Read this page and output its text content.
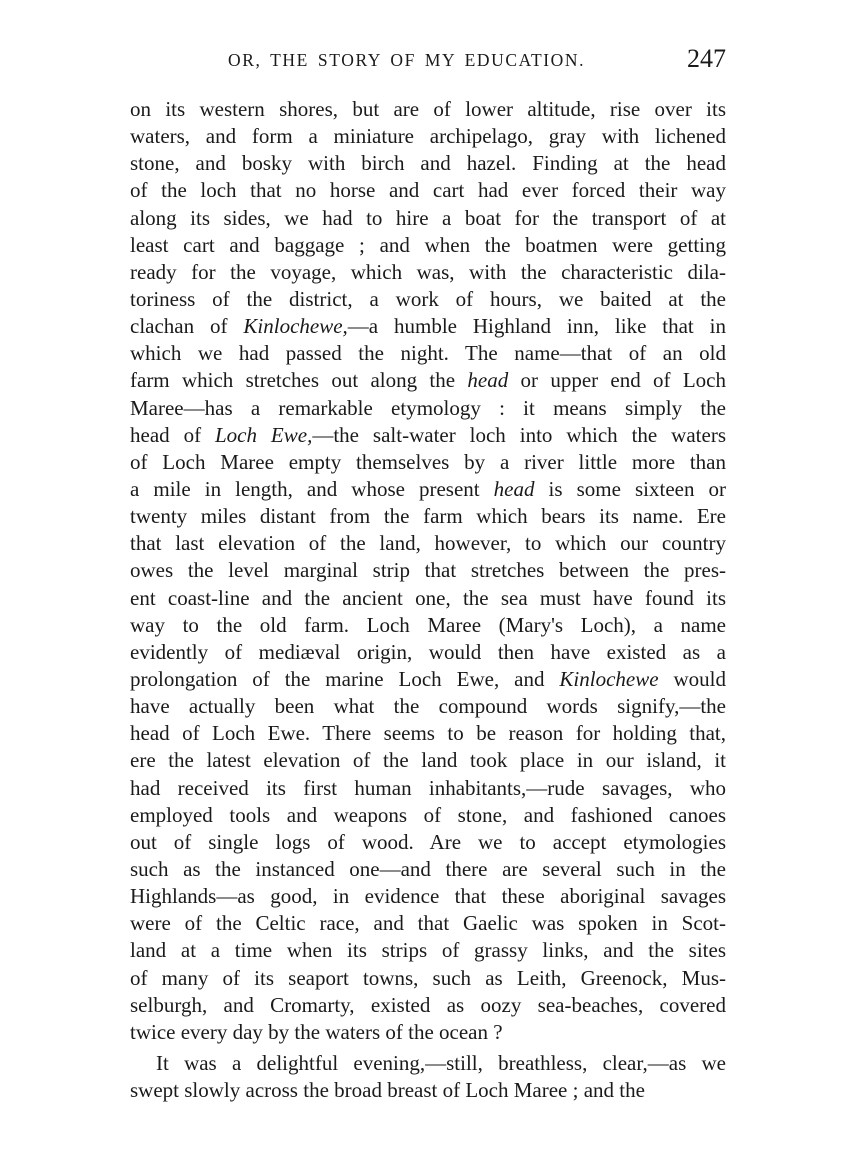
OR, THE STORY OF MY EDUCATION.	247
on its western shores, but are of lower altitude, rise over its
waters, and form a miniature archipelago, gray with lichened
stone, and bosky with birch and hazel. Finding at the head
of the loch that no horse and cart had ever forced their way
along its sides, we had to hire a boat for the transport of at
least cart and baggage ; and when the boatmen were getting
ready for the voyage, which was, with the characteristic dila-
toriness of the district, a work of hours, we baited at the
clachan of Kinlochewe,—a humble Highland inn, like that in
which we had passed the night. The name—that of an old
farm which stretches out along the head or upper end of Loch
Maree—has a remarkable etymology : it means simply the
head of Loch Ewe,—the salt-water loch into which the waters
of Loch Maree empty themselves by a river little more than
a mile in length, and whose present head is some sixteen or
twenty miles distant from the farm which bears its name. Ere
that last elevation of the land, however, to which our country
owes the level marginal strip that stretches between the pres-
ent coast-line and the ancient one, the sea must have found its
way to the old farm. Loch Maree (Mary's Loch), a name
evidently of mediæval origin, would then have existed as a
prolongation of the marine Loch Ewe, and Kinlochewe would
have actually been what the compound words signify,—the
head of Loch Ewe. There seems to be reason for holding that,
ere the latest elevation of the land took place in our island, it
had received its first human inhabitants,—rude savages, who
employed tools and weapons of stone, and fashioned canoes
out of single logs of wood. Are we to accept etymologies
such as the instanced one—and there are several such in the
Highlands—as good, in evidence that these aboriginal savages
were of the Celtic race, and that Gaelic was spoken in Scot-
land at a time when its strips of grassy links, and the sites
of many of its seaport towns, such as Leith, Greenock, Mus-
selburgh, and Cromarty, existed as oozy sea-beaches, covered
twice every day by the waters of the ocean ?
It was a delightful evening,—still, breathless, clear,—as we
swept slowly across the broad breast of Loch Maree ; and the
